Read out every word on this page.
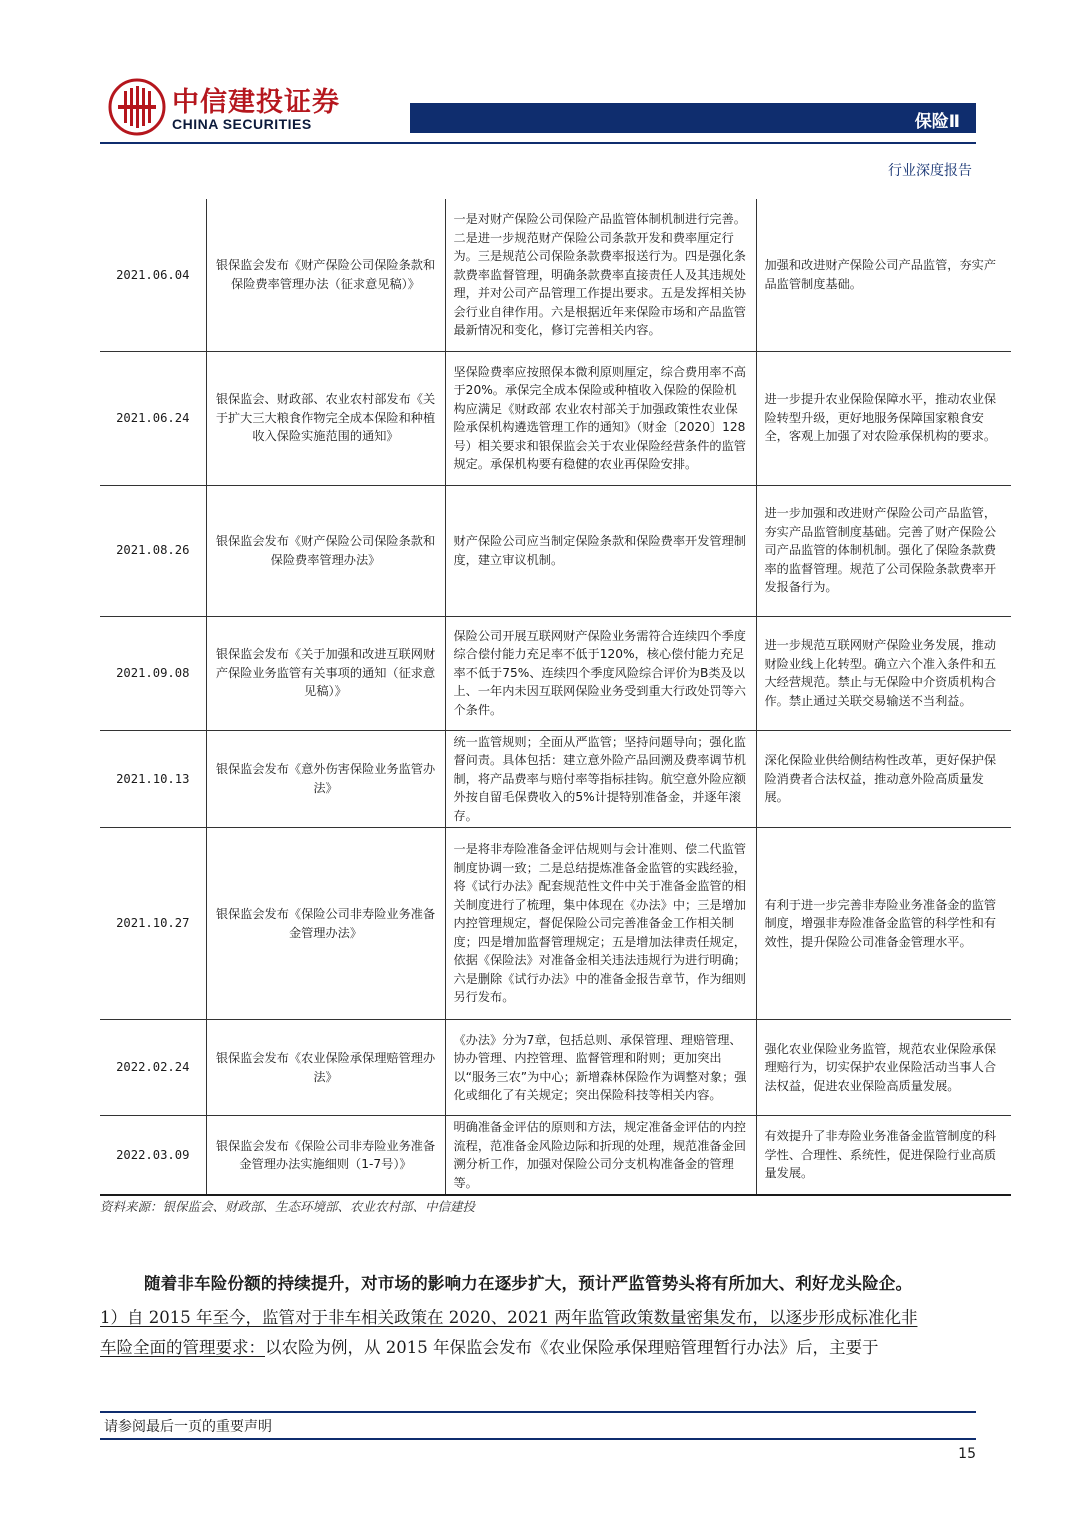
中信建投证券
CHINA SECURITIES	保险Ⅱ
行业深度报告
2021.06.04	银保监会发布《财产保险公司保险条款和保险费率管理办法（征求意见稿）》	一是对财产保险公司保险产品监管体制机制进行完善。二是进一步规范财产保险公司条款开发和费率厘定行为。三是规范公司保险条款费率报送行为。四是强化条款费率监督管理，明确条款费率直接责任人及其违规处理，并对公司产品管理工作提出要求。五是发挥相关协会行业自律作用。六是根据近年来保险市场和产品监管最新情况和变化，修订完善相关内容。	加强和改进财产保险公司产品监管，夯实产品监管制度基础。
2021.06.24	银保监会、财政部、农业农村部发布《关于扩大三大粮食作物完全成本保险和种植收入保险实施范围的通知》	坚保险费率应按照保本微利原则厘定，综合费用率不高于20%。承保完全成本保险或种植收入保险的保险机构应满足《财政部 农业农村部关于加强政策性农业保险承保机构遴选管理工作的通知》（财金〔2020〕128号）相关要求和银保监会关于农业保险经营条件的监管规定。承保机构要有稳健的农业再保险安排。	进一步提升农业保险保障水平，推动农业保险转型升级，更好地服务保障国家粮食安全，客观上加强了对农险承保机构的要求。
2021.08.26	银保监会发布《财产保险公司保险条款和保险费率管理办法》	财产保险公司应当制定保险条款和保险费率开发管理制度，建立审议机制。	进一步加强和改进财产保险公司产品监管，夯实产品监管制度基础。完善了财产保险公司产品监管的体制机制。强化了保险条款费率的监督管理。规范了公司保险条款费率开发报备行为。
2021.09.08	银保监会发布《关于加强和改进互联网财产保险业务监管有关事项的通知（征求意见稿）》	保险公司开展互联网财产保险业务需符合连续四个季度综合偿付能力充足率不低于120%，核心偿付能力充足率不低于75%、连续四个季度风险综合评价为B类及以上、一年内未因互联网保险业务受到重大行政处罚等六个条件。	进一步规范互联网财产保险业务发展，推动财险业线上化转型。确立六个准入条件和五大经营规范。禁止与无保险中介资质机构合作。禁止通过关联交易输送不当利益。
2021.10.13	银保监会发布《意外伤害保险业务监管办法》	统一监管规则；全面从严监管；坚持问题导向；强化监督问责。具体包括：建立意外险产品回溯及费率调节机制，将产品费率与赔付率等指标挂钩。航空意外险应额外按自留毛保费收入的5%计提特别准备金，并逐年滚存。	深化保险业供给侧结构性改革，更好保护保险消费者合法权益，推动意外险高质量发展。
2021.10.27	银保监会发布《保险公司非寿险业务准备金管理办法》	一是将非寿险准备金评估规则与会计准则、偿二代监管制度协调一致；二是总结提炼准备金监管的实践经验，将《试行办法》配套规范性文件中关于准备金监管的相关制度进行了梳理，集中体现在《办法》中；三是增加内控管理规定，督促保险公司完善准备金工作相关制度；四是增加监督管理规定；五是增加法律责任规定，依据《保险法》对准备金相关违法违规行为进行明确；六是删除《试行办法》中的准备金报告章节，作为细则另行发布。	有利于进一步完善非寿险业务准备金的监管制度，增强非寿险准备金监管的科学性和有效性，提升保险公司准备金管理水平。
2022.02.24	银保监会发布《农业保险承保理赔管理办法》	《办法》分为7章，包括总则、承保管理、理赔管理、协办管理、内控管理、监督管理和附则；更加突出以“服务三农”为中心；新增森林保险作为调整对象；强化或细化了有关规定；突出保险科技等相关内容。	强化农业保险业务监管，规范农业保险承保理赔行为，切实保护农业保险活动当事人合法权益，促进农业保险高质量发展。
2022.03.09	银保监会发布《保险公司非寿险业务准备金管理办法实施细则（1-7号）》	明确准备金评估的原则和方法，规定准备金评估的内控流程，范准备金风险边际和折现的处理，规范准备金回溯分析工作，加强对保险公司分支机构准备金的管理等。	有效提升了非寿险业务准备金监管制度的科学性、合理性、系统性，促进保险行业高质量发展。
资料来源：银保监会、财政部、生态环境部、农业农村部、中信建投
随着非车险份额的持续提升，对市场的影响力在逐步扩大，预计严监管势头将有所加大、利好龙头险企。
1）自 2015 年至今，监管对于非车相关政策在 2020、2021 两年监管政策数量密集发布，以逐步形成标准化非
车险全面的管理要求：以农险为例，从 2015 年保监会发布《农业保险承保理赔管理暂行办法》后，主要于
请参阅最后一页的重要声明
15
